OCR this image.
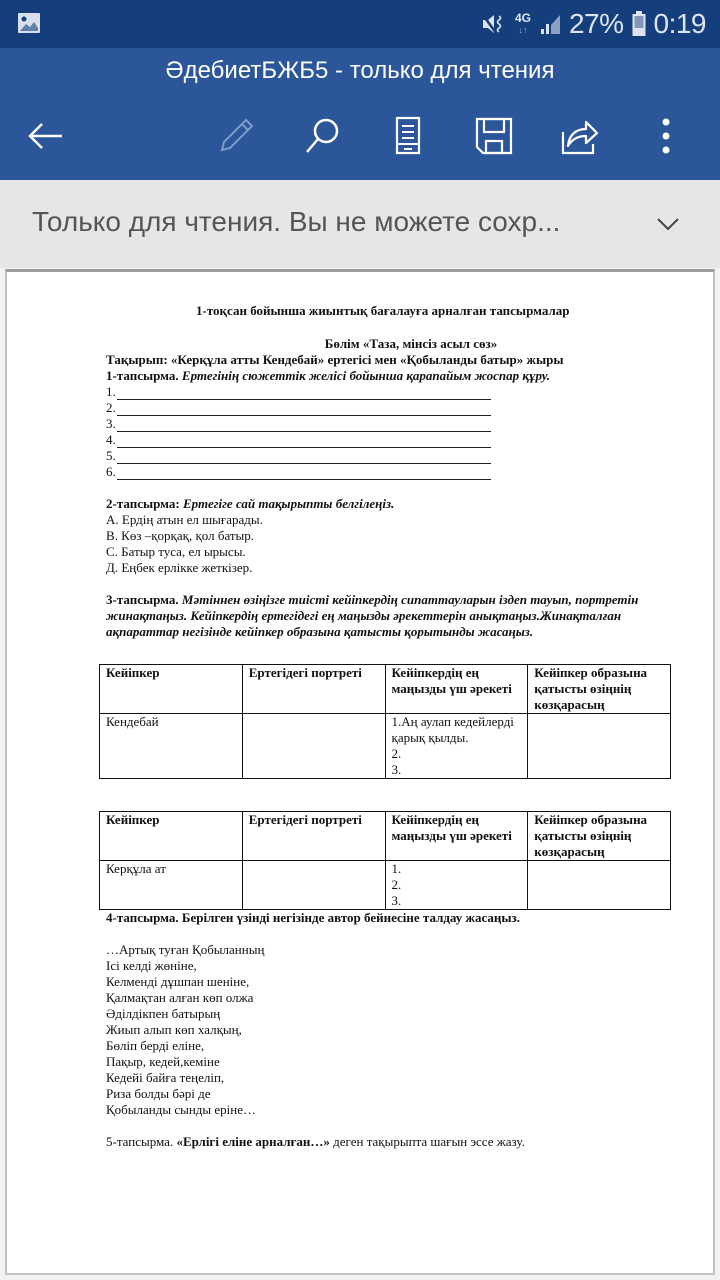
4G
↓↑ 27% 0:19
ӘдебиетБЖБ5 - только для чтения
Только для чтения. Вы не можете сохр...
1-тоқсан бойынша жиынтық бағалауға арналған тапсырмалар
Бөлім «Таза, мінсіз асыл сөз»
Тақырып: «Керқұла атты Кендебай» ертегісі мен «Қобыланды батыр» жыры
1-тапсырма. Ертегінің сюжеттік желісі бойынша қарапайым жоспар құру.
1.
2.
3.
4.
5.
6.
2-тапсырма: Ертегіге сай тақырыпты белгілеңіз.
А. Ердің атын ел шығарады.
В. Көз –қорқақ, қол батыр.
С. Батыр туса, ел ырысы.
Д. Еңбек ерлікке жеткізер.
3-тапсырма. Мәтіннен өзіңізге тиісті кейіпкердің сипаттауларын іздеп тауып, портретін жинақтаңыз. Кейіпкердің ертегідегі ең маңызды әрекеттерін анықтаңыз.Жинақталған ақпараттар негізінде кейіпкер образына қатысты қорытынды жасаңыз.
Кейіпкер	Ертегідегі портреті	Кейіпкердің ең маңызды үш әрекеті	Кейіпкер образына қатысты өзіңнің көзқарасың
Кендебай		1.Аң аулап кедейлерді қарық қылды.
2.
3.	

Кейіпкер	Ертегідегі портреті	Кейіпкердің ең маңызды үш әрекеті	Кейіпкер образына қатысты өзіңнің көзқарасың
Керқұла ат		1.
2.
3.	

4-тапсырма. Берілген үзінді негізінде автор бейнесіне талдау жасаңыз.
…Артық туған Қобыланның
Ісі келді жөніне,
Келменді дұшпан шеніне,
Қалмақтан алған көп олжа
Әділдікпен батырың
Жиып алып көп халқың,
Бөліп берді еліне,
Пақыр, кедей,кеміне
Кедейі байға теңеліп,
Риза болды бәрі де
Қобыланды сынды еріне…
5-тапсырма. «Ерлігі еліне арналған…» деген тақырыпта шағын эссе жазу.
